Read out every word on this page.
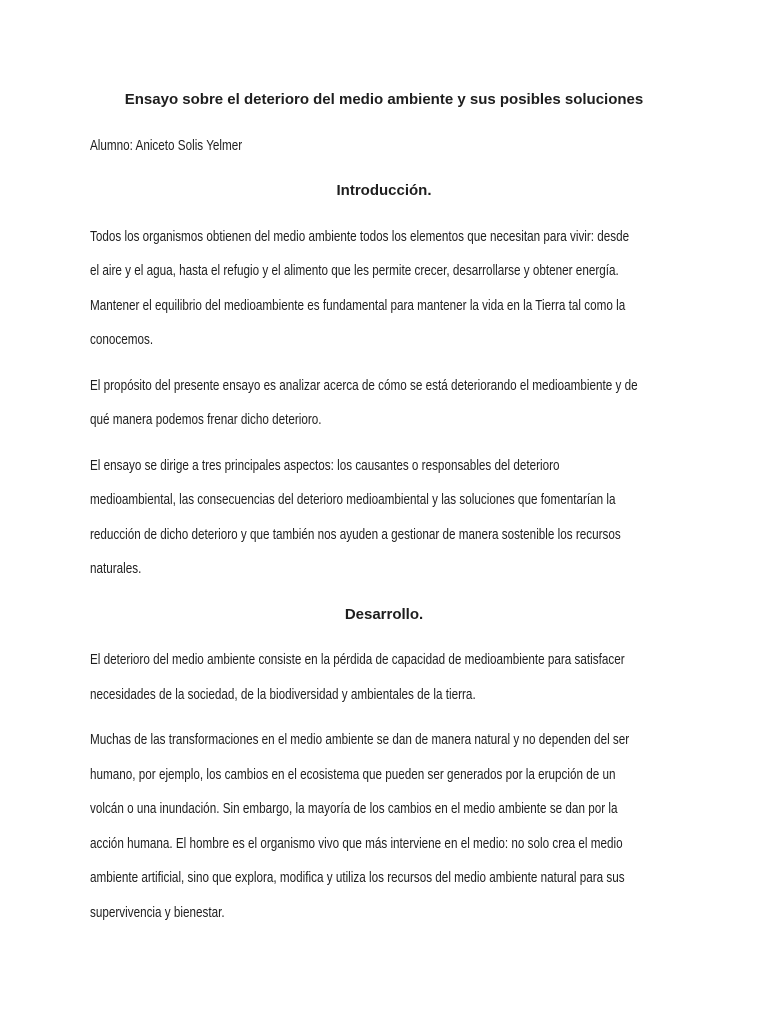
Ensayo sobre el deterioro del medio ambiente y sus posibles soluciones
Alumno: Aniceto Solis Yelmer
Introducción.
Todos los organismos obtienen del medio ambiente todos los elementos que necesitan para vivir: desde
el aire y el agua, hasta el refugio y el alimento que les permite crecer, desarrollarse y obtener energía.
Mantener el equilibrio del medioambiente es fundamental para mantener la vida en la Tierra tal como la
conocemos.
El propósito del presente ensayo es analizar acerca de cómo se está deteriorando el medioambiente y de
qué manera podemos frenar dicho deterioro.
El ensayo se dirige a tres principales aspectos: los causantes o responsables del deterioro
medioambiental, las consecuencias del deterioro medioambiental y las soluciones que fomentarían la
reducción de dicho deterioro y que también nos ayuden a gestionar de manera sostenible los recursos
naturales.
Desarrollo.
El deterioro del medio ambiente consiste en la pérdida de capacidad de medioambiente para satisfacer
necesidades de la sociedad, de la biodiversidad y ambientales de la tierra.
Muchas de las transformaciones en el medio ambiente se dan de manera natural y no dependen del ser
humano, por ejemplo, los cambios en el ecosistema que pueden ser generados por la erupción de un
volcán o una inundación. Sin embargo, la mayoría de los cambios en el medio ambiente se dan por la
acción humana. El hombre es el organismo vivo que más interviene en el medio: no solo crea el medio
ambiente artificial, sino que explora, modifica y utiliza los recursos del medio ambiente natural para sus
supervivencia y bienestar.
